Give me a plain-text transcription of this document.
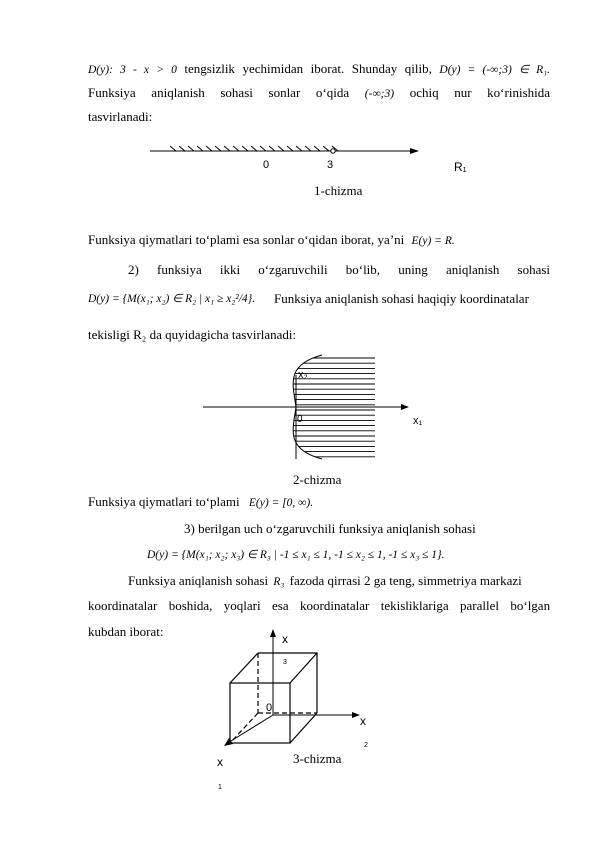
D(y): 3 - x > 0 tengsizlik yechimidan iborat. Shunday qilib, D(y) = (-∞;3) ∈ R₁.
Funksiya aniqlanish sohasi sonlar o‘qida (-∞;3) ochiq nur ko‘rinishida
tasvirlanadi:
0	3	R₁
1-chizma
Funksiya qiymatlari to‘plami esa sonlar o‘qidan iborat, ya’ni E(y) = R.
2) funksiya ikki o‘zgaruvchili bo‘lib, uning aniqlanish sohasi
D(y) = {M(x₁; x₂) ∈ R₂ | x₁ ≥ x₂²/4}. Funksiya aniqlanish sohasi haqiqiy koordinatalar
tekisligi R₂ da quyidagicha tasvirlanadi:
x₂
x₁
0
2-chizma
Funksiya qiymatlari to‘plami E(y) = [0, ∞).
3) berilgan uch o‘zgaruvchili funksiya aniqlanish sohasi
D(y) = {M(x₁; x₂; x₃) ∈ R₃ | -1 ≤ x₁ ≤ 1, -1 ≤ x₂ ≤ 1, -1 ≤ x₃ ≤ 1}.
Funksiya aniqlanish sohasi R₃ fazoda qirrasi 2 ga teng, simmetriya markazi
koordinatalar boshida, yoqlari esa koordinatalar tekisliklariga parallel bo‘lgan
kubdan iborat:	x
3
x
2
x
1
0
3-chizma
